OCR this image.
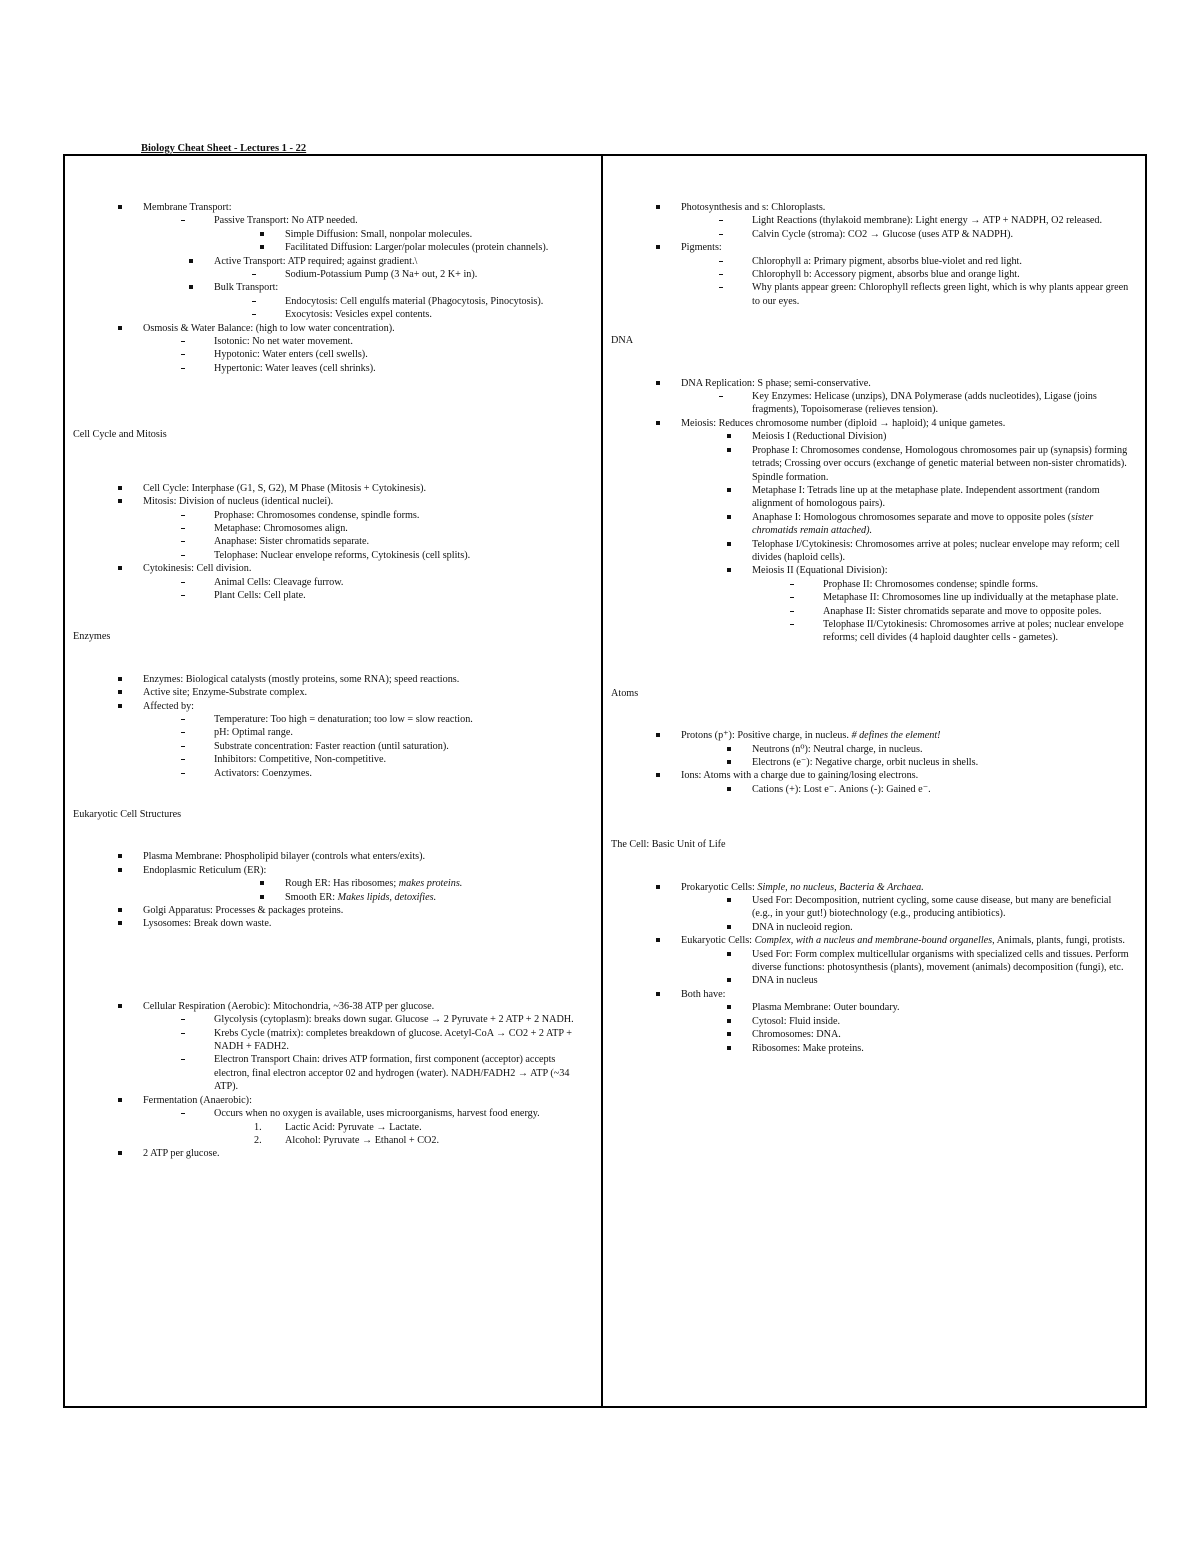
Biology Cheat Sheet - Lectures 1 - 22
Membrane Transport:
Passive Transport: No ATP needed.
Simple Diffusion: Small, nonpolar molecules.
Facilitated Diffusion: Larger/polar molecules (protein channels).
Active Transport: ATP required; against gradient.\
Sodium-Potassium Pump (3 Na+ out, 2 K+ in).
Bulk Transport:
Endocytosis: Cell engulfs material (Phagocytosis, Pinocytosis).
Exocytosis: Vesicles expel contents.
Osmosis & Water Balance: (high to low water concentration).
Isotonic: No net water movement.
Hypotonic: Water enters (cell swells).
Hypertonic: Water leaves (cell shrinks).
Cell Cycle and Mitosis
Cell Cycle: Interphase (G1, S, G2), M Phase (Mitosis + Cytokinesis).
Mitosis: Division of nucleus (identical nuclei).
Prophase: Chromosomes condense, spindle forms.
Metaphase: Chromosomes align.
Anaphase: Sister chromatids separate.
Telophase: Nuclear envelope reforms, Cytokinesis (cell splits).
Cytokinesis: Cell division.
Animal Cells: Cleavage furrow.
Plant Cells: Cell plate.
Enzymes
Enzymes: Biological catalysts (mostly proteins, some RNA); speed reactions.
Active site; Enzyme-Substrate complex.
Affected by:
Temperature: Too high = denaturation; too low = slow reaction.
pH: Optimal range.
Substrate concentration: Faster reaction (until saturation).
Inhibitors: Competitive, Non-competitive.
Activators: Coenzymes.
Eukaryotic Cell Structures
Plasma Membrane: Phospholipid bilayer (controls what enters/exits).
Endoplasmic Reticulum (ER):
Rough ER: Has ribosomes; makes proteins.
Smooth ER: Makes lipids, detoxifies.
Golgi Apparatus: Processes & packages proteins.
Lysosomes: Break down waste.
Cellular Respiration (Aerobic): Mitochondria, ~36-38 ATP per glucose.
Glycolysis (cytoplasm): breaks down sugar. Glucose → 2 Pyruvate + 2 ATP + 2 NADH.
Krebs Cycle (matrix): completes breakdown of glucose. Acetyl-CoA → CO2 + 2 ATP + NADH + FADH2.
Electron Transport Chain: drives ATP formation, first component (acceptor) accepts electron, final electron acceptor 02 and hydrogen (water). NADH/FADH2 → ATP (~34 ATP).
Fermentation (Anaerobic):
Occurs when no oxygen is available, uses microorganisms, harvest food energy.
1. Lactic Acid: Pyruvate → Lactate.
2. Alcohol: Pyruvate → Ethanol + CO2.
2 ATP per glucose.
Photosynthesis and s: Chloroplasts.
Light Reactions (thylakoid membrane): Light energy → ATP + NADPH, O2 released.
Calvin Cycle (stroma): CO2 → Glucose (uses ATP & NADPH).
Pigments:
Chlorophyll a: Primary pigment, absorbs blue-violet and red light.
Chlorophyll b: Accessory pigment, absorbs blue and orange light.
Why plants appear green: Chlorophyll reflects green light, which is why plants appear green to our eyes.
DNA
DNA Replication: S phase; semi-conservative.
Key Enzymes: Helicase (unzips), DNA Polymerase (adds nucleotides), Ligase (joins fragments), Topoisomerase (relieves tension).
Meiosis: Reduces chromosome number (diploid → haploid); 4 unique gametes.
Meiosis I (Reductional Division)
Prophase I: Chromosomes condense, Homologous chromosomes pair up (synapsis) forming tetrads; Crossing over occurs (exchange of genetic material between non-sister chromatids). Spindle formation.
Metaphase I: Tetrads line up at the metaphase plate. Independent assortment (random alignment of homologous pairs).
Anaphase I: Homologous chromosomes separate and move to opposite poles (sister chromatids remain attached).
Telophase I/Cytokinesis: Chromosomes arrive at poles; nuclear envelope may reform; cell divides (haploid cells).
Meiosis II (Equational Division):
Prophase II: Chromosomes condense; spindle forms.
Metaphase II: Chromosomes line up individually at the metaphase plate.
Anaphase II: Sister chromatids separate and move to opposite poles.
Telophase II/Cytokinesis: Chromosomes arrive at poles; nuclear envelope reforms; cell divides (4 haploid daughter cells - gametes).
Atoms
Protons (p⁺): Positive charge, in nucleus. # defines the element!
Neutrons (n⁰): Neutral charge, in nucleus.
Electrons (e⁻): Negative charge, orbit nucleus in shells.
Ions: Atoms with a charge due to gaining/losing electrons.
Cations (+): Lost e⁻. Anions (-): Gained e⁻.
The Cell: Basic Unit of Life
Prokaryotic Cells: Simple, no nucleus, Bacteria & Archaea.
Used For: Decomposition, nutrient cycling, some cause disease, but many are beneficial (e.g., in your gut!) biotechnology (e.g., producing antibiotics).
DNA in nucleoid region.
Eukaryotic Cells: Complex, with a nucleus and membrane-bound organelles, Animals, plants, fungi, protists.
Used For: Form complex multicellular organisms with specialized cells and tissues. Perform diverse functions: photosynthesis (plants), movement (animals) decomposition (fungi), etc.
DNA in nucleus
Both have:
Plasma Membrane: Outer boundary.
Cytosol: Fluid inside.
Chromosomes: DNA.
Ribosomes: Make proteins.
